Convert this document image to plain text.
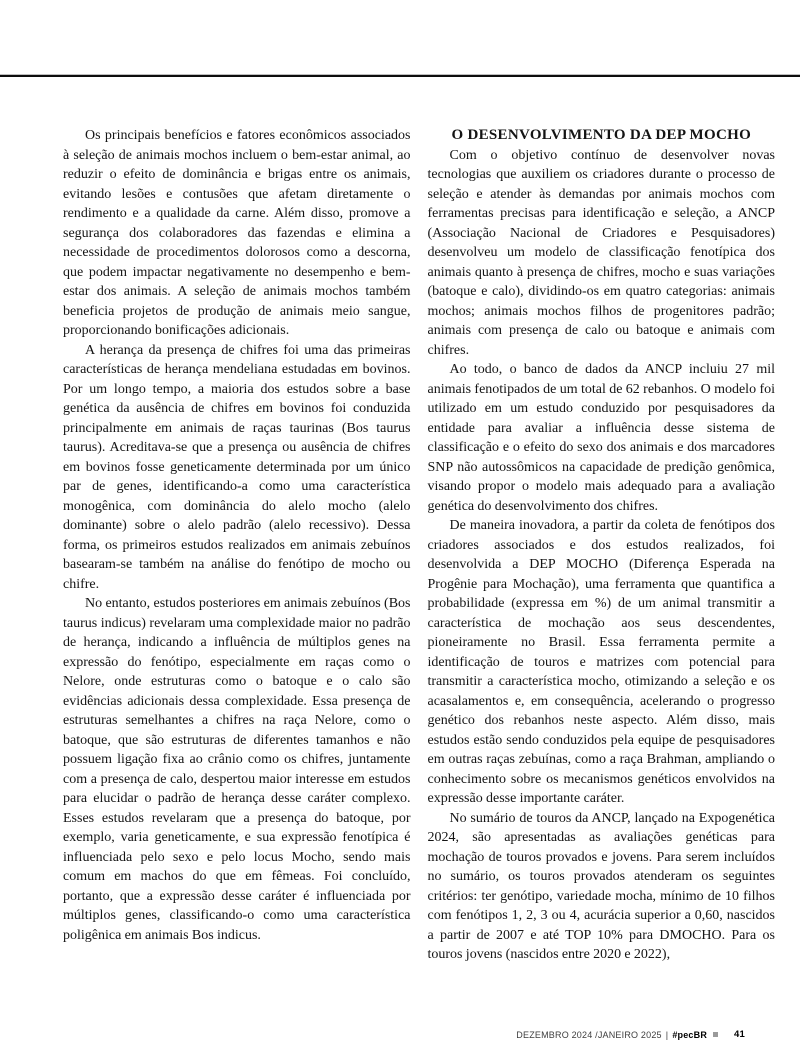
Os principais benefícios e fatores econômicos associados à seleção de animais mochos incluem o bem-estar animal, ao reduzir o efeito de dominância e brigas entre os animais, evitando lesões e contusões que afetam diretamente o rendimento e a qualidade da carne. Além disso, promove a segurança dos colaboradores das fazendas e elimina a necessidade de procedimentos dolorosos como a descorna, que podem impactar negativamente no desempenho e bem-estar dos animais. A seleção de animais mochos também beneficia projetos de produção de animais meio sangue, proporcionando bonificações adicionais.

A herança da presença de chifres foi uma das primeiras características de herança mendeliana estudadas em bovinos. Por um longo tempo, a maioria dos estudos sobre a base genética da ausência de chifres em bovinos foi conduzida principalmente em animais de raças taurinas (Bos taurus taurus). Acreditava-se que a presença ou ausência de chifres em bovinos fosse geneticamente determinada por um único par de genes, identificando-a como uma característica monogênica, com dominância do alelo mocho (alelo dominante) sobre o alelo padrão (alelo recessivo). Dessa forma, os primeiros estudos realizados em animais zebuínos basearam-se também na análise do fenótipo de mocho ou chifre.

No entanto, estudos posteriores em animais zebuínos (Bos taurus indicus) revelaram uma complexidade maior no padrão de herança, indicando a influência de múltiplos genes na expressão do fenótipo, especialmente em raças como o Nelore, onde estruturas como o batoque e o calo são evidências adicionais dessa complexidade. Essa presença de estruturas semelhantes a chifres na raça Nelore, como o batoque, que são estruturas de diferentes tamanhos e não possuem ligação fixa ao crânio como os chifres, juntamente com a presença de calo, despertou maior interesse em estudos para elucidar o padrão de herança desse caráter complexo. Esses estudos revelaram que a presença do batoque, por exemplo, varia geneticamente, e sua expressão fenotípica é influenciada pelo sexo e pelo locus Mocho, sendo mais comum em machos do que em fêmeas. Foi concluído, portanto, que a expressão desse caráter é influenciada por múltiplos genes, classificando-o como uma característica poligênica em animais Bos indicus.

O DESENVOLVIMENTO DA DEP MOCHO

Com o objetivo contínuo de desenvolver novas tecnologias que auxiliem os criadores durante o processo de seleção e atender às demandas por animais mochos com ferramentas precisas para identificação e seleção, a ANCP (Associação Nacional de Criadores e Pesquisadores) desenvolveu um modelo de classificação fenotípica dos animais quanto à presença de chifres, mocho e suas variações (batoque e calo), dividindo-os em quatro categorias: animais mochos; animais mochos filhos de progenitores padrão; animais com presença de calo ou batoque e animais com chifres.

Ao todo, o banco de dados da ANCP incluiu 27 mil animais fenotipados de um total de 62 rebanhos. O modelo foi utilizado em um estudo conduzido por pesquisadores da entidade para avaliar a influência desse sistema de classificação e o efeito do sexo dos animais e dos marcadores SNP não autossômicos na capacidade de predição genômica, visando propor o modelo mais adequado para a avaliação genética do desenvolvimento dos chifres.

De maneira inovadora, a partir da coleta de fenótipos dos criadores associados e dos estudos realizados, foi desenvolvida a DEP MOCHO (Diferença Esperada na Progênie para Mochação), uma ferramenta que quantifica a probabilidade (expressa em %) de um animal transmitir a característica de mochação aos seus descendentes, pioneiramente no Brasil. Essa ferramenta permite a identificação de touros e matrizes com potencial para transmitir a característica mocho, otimizando a seleção e os acasalamentos e, em consequência, acelerando o progresso genético dos rebanhos neste aspecto. Além disso, mais estudos estão sendo conduzidos pela equipe de pesquisadores em outras raças zebuínas, como a raça Brahman, ampliando o conhecimento sobre os mecanismos genéticos envolvidos na expressão desse importante caráter.

No sumário de touros da ANCP, lançado na Expogenética 2024, são apresentadas as avaliações genéticas para mochação de touros provados e jovens. Para serem incluídos no sumário, os touros provados atenderam os seguintes critérios: ter genótipo, variedade mocha, mínimo de 10 filhos com fenótipos 1, 2, 3 ou 4, acurácia superior a 0,60, nascidos a partir de 2007 e até TOP 10% para DMOCHO. Para os touros jovens (nascidos entre 2020 e 2022),

DEZEMBRO 2024 /JANEIRO 2025 | #pecBR	41
